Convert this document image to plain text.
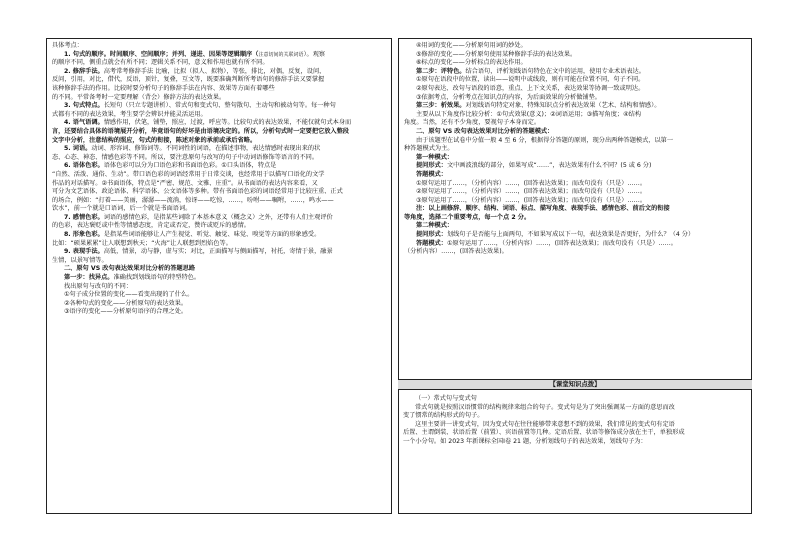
具体考点：

1. 句式的顺序。时间顺序、空间顺序；并列、递进、因果等逻辑顺序（注意切间的关联词语）。观察

的顺序不同，侧重点就会有所不同；逻辑关系不同，意义和作用也就有所不同。

2. 修辞手法。高考常考修辞手法 比喻，比拟（拟人、拟物），等张，排比，对偶，反复，设问，

反问，引用，对比，借代，反语，顶针，复叠，互文等，既要准确判断所考语句的修辞手法又要掌握

该种修辞手法的作用。比较时要分析句子的修辞手法在内容、效果等方面有着哪些

的不同。平常备考时一定要理解（背会）修辞方法的表达效果。

3. 句式特点。长短句（只立专题讲析）、常式句和变式句、整句散句、主动句和被动句等。每一种句

式都有不同的表达效果，考生要学会辨识并能灵活运用。

4. 语气语调。情感作用，伏笔，铺垫，照应，过渡，呼应等。比较句式的表达效果，不能仅就句式本身而

言，还要结合具体的语境展开分析，毕竟语句的好坏是由语境决定的。所以，分析句式时一定要把它放入整段

文字中分析，注意结构的照应，句式的衔接，陈述对象的承前或承后省略。

5. 词语。动词、形容词、修饰词等。不同词性的词语，在描述事物，表达情感时表现出来的状

态、心态、神态、情感色彩等不同。所以，要注意原句与改写的句子中动词语修饰等语言的不同。

6. 语体色彩。语体色彩可以分为口语色彩和书面语色彩。①口头语体，特点是

“自然、活泼、通俗、生动”。带口语色彩的词语经常用于日常交谈，也经常用于以描写口语化的文学

作品的对话描写。②书面语体，特点是“严密、规范、文雅、庄重”。从书面语的表达内容来看，又

可分为文艺语体、政论语体、科学语体、公文语体等多种。带有书面语色彩的词语经常用于比较庄重、正式

的场合，例如：“打着——美丽，潺潺——流淌，惊讶——吃惊，……，吩咐——嘱咐，……，鸣水——

饮水”，前一个就是口语词，后一个就是书面语词。

7. 感情色彩。词语的感情色彩，是指某些词除了本基本意义（概念义）之外，还带有人们主观评价

的色彩，表达褒贬或中性等情感态度，肯定或否定，赞许或贬斥的感情。

8. 形象色彩。是指某些词语能够让人产生视觉、听觉、触觉、味觉、嗅觉等方面的形象感受。

比如：“硕果累累”让人联想到秋天；“火海”让人联想到烈焰色等。

9. 表现手法。高低，情景，动与静，虚与实；对比，正面描写与侧面描写，衬托，寄情于景，融景

生情，以景写情等。

二、原句 VS 改句表达效果对比分析的答题思路

第一步：找异点。准确找到划线语句的特型特色。

找出原句与改句的不同：

①句子成分位置的变化——看变出现的了什么。

②各种句式的变化——分析原句的表达效果。

③语序的变化——分析原句语序的合理之处。

④用词的变化——分析原句用词的妙处。

⑤修辞的变化——分析原句使用某种修辞手法的表达效果。

⑥标点的变化——分析标点的表达作用。

第二步：评特色。结合语句，评析划线语句特色在文中的运用，使用专业术语表达。

①原句在语段中的位置，读出——说明中或线段，则有可能在位置不同，句子不同。

②原句表达、改句与语段的语意，重点、上下文关系，表达效果等协调一致或明达。

③依据考点，分析考点在知识点的内容，为后面效果的分析做铺垫。

第三步：析效果。对划线语句特定对象、特殊知识点分析表达效果（艺术、结构和情感）。

主要从以下角度作比较分析：①句式效果(意义)；②词语运用；③描写角度；④结构

角度。当然，还有不少角度，要视句子本身而定。

二、原句 VS 改句表达效果对比分析的答题模式：

由于该题型在试卷中分值一般 4 至 6 分，根据得分答题的原则，现分出两种答题模式，以第一

种答题模式为主。

第一种模式：

提问形式：文中画波浪线的部分，如果写成“……”，表达效果有什么不同？(5 或 6 分)

答题模式：

①原句运用了……，（分析内容）……，(回答表达效果)；而改句没有（只是）……。

②原句运用了……，（分析内容）……，(回答表达效果)；而改句没有（只是）……。

③原句运用了……，（分析内容）……，(回答表达效果)；而改句没有（只是）……。

注：以上画修辞、顺序、结构、词语、标点、描写角度、表现手法、感情色彩、前后文的衔接

等角度，选择二个重要考点，每一个点 2 分。

第二种模式：

提问形式：划线句子是否能与上面两句，不如果写成以下一句，表达效果是否更好，为什么？（4 分）

答题模式：①原句运用了……，（分析内容）……，(回答表达效果)；而改句没有（只是）……。

（分析内容）……，(回答表达效果)。

【课堂知识点拨】

（一）常式句与变式句

常式句就是按照汉语惯常的结构规律来组合的句子。变式句是为了突出强调某一方面的意思而改

变了惯常的结构形式的句子。

这里主要讲一讲变式句，因为变式句在往往能够带来意想不到的效果，我们常见的变式句有定语

后置、主谓倒装、状语后置（前置）、宾语前置等几种。定语后置、状语等修饰成分放在主干，单独形成

一个小分句。如 2023 年新课标全国Ⅰ卷 21 题，分析划线句子的表达效果，划线句子为：
